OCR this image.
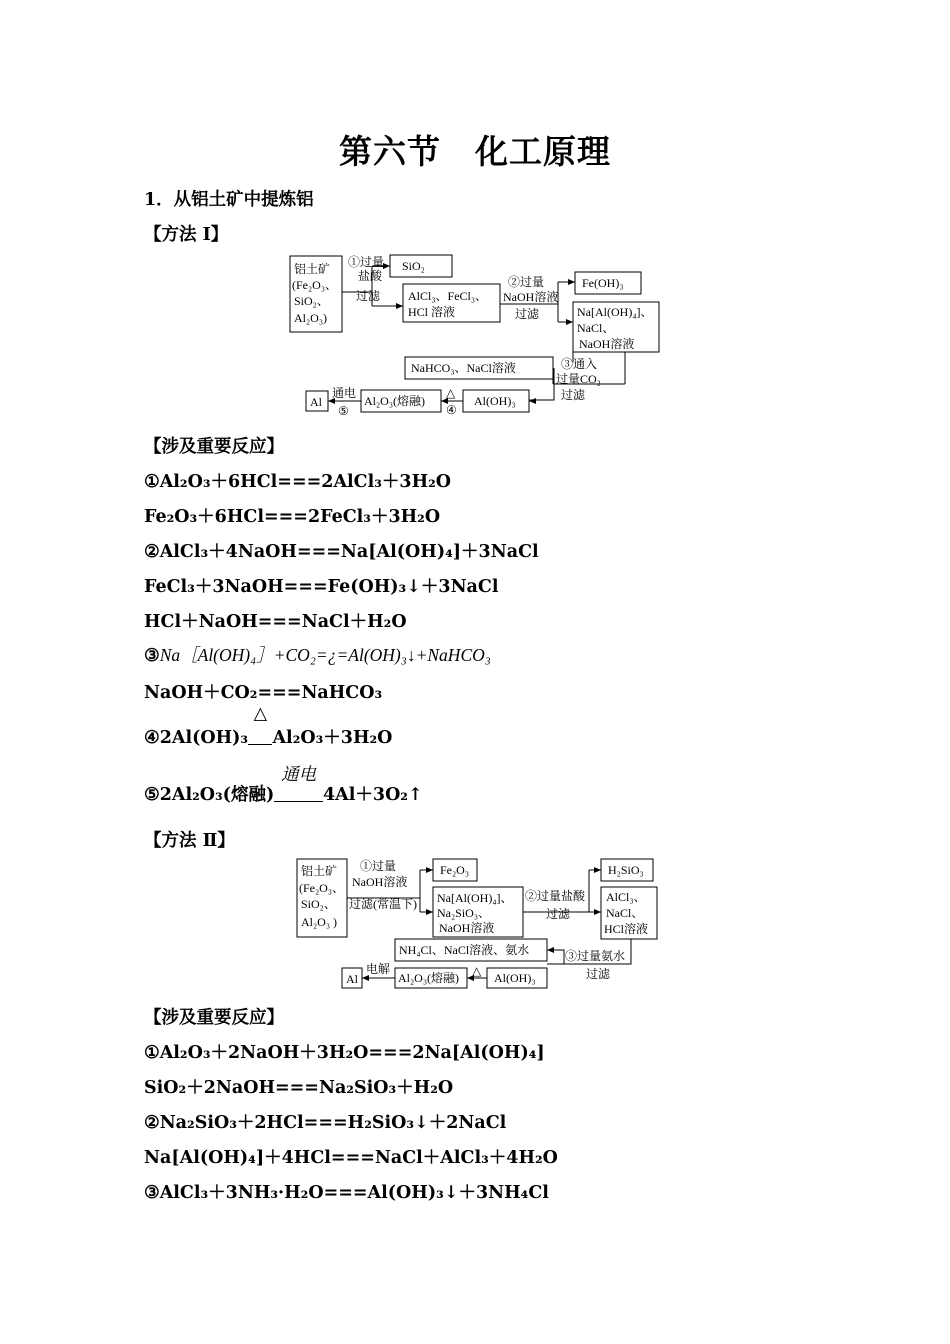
第六节　化工原理
1．从铝土矿中提炼铝
【方法 Ⅰ】
铝土矿
(Fe₂O₃、
SiO₂、
Al₂O₃)
①过量
盐酸
过滤
SiO₂
AlCl₃、FeCl₃、
HCl 溶液
②过量
NaOH溶液
过滤
Fe(OH)₃
Na[Al(OH)₄]、
NaCl、
NaOH溶液
③通入
过量CO₂
过滤
NaHCO₃、NaCl溶液
Al(OH)₃
△
④
Al₂O₃(熔融)
通电
⑤
Al
【涉及重要反应】
①Al₂O₃＋6HCl===2AlCl₃＋3H₂O
Fe₂O₃＋6HCl===2FeCl₃＋3H₂O
②AlCl₃＋4NaOH===Na[Al(OH)₄]＋3NaCl
FeCl₃＋3NaOH===Fe(OH)₃↓＋3NaCl
HCl＋NaOH===NaCl＋H₂O
③Na［Al(OH)₄］+CO₂=¿=Al(OH)₃↓+NaHCO₃
NaOH＋CO₂===NaHCO₃
④2Al(OH)₃
△
Al₂O₃＋3H₂O
⑤2Al₂O₃(熔融)
通电
4Al＋3O₂↑
【方法 Ⅱ】
铝土矿
(Fe₂O₃、
SiO₂、
Al₂O₃ )
①过量
NaOH溶液
过滤(常温下)
Fe₂O₃
Na[Al(OH)₄]、
Na₂SiO₃、
NaOH溶液
②过量盐酸
过滤
H₂SiO₃
AlCl₃、
NaCl、
HCl溶液
③过量氨水
过滤
NH₄Cl、NaCl溶液、氨水
Al(OH)₃
△
Al₂O₃(熔融)
电解
Al
【涉及重要反应】
①Al₂O₃＋2NaOH＋3H₂O===2Na[Al(OH)₄]
SiO₂＋2NaOH===Na₂SiO₃＋H₂O
②Na₂SiO₃＋2HCl===H₂SiO₃↓＋2NaCl
Na[Al(OH)₄]＋4HCl===NaCl＋AlCl₃＋4H₂O
③AlCl₃＋3NH₃·H₂O===Al(OH)₃↓＋3NH₄Cl
